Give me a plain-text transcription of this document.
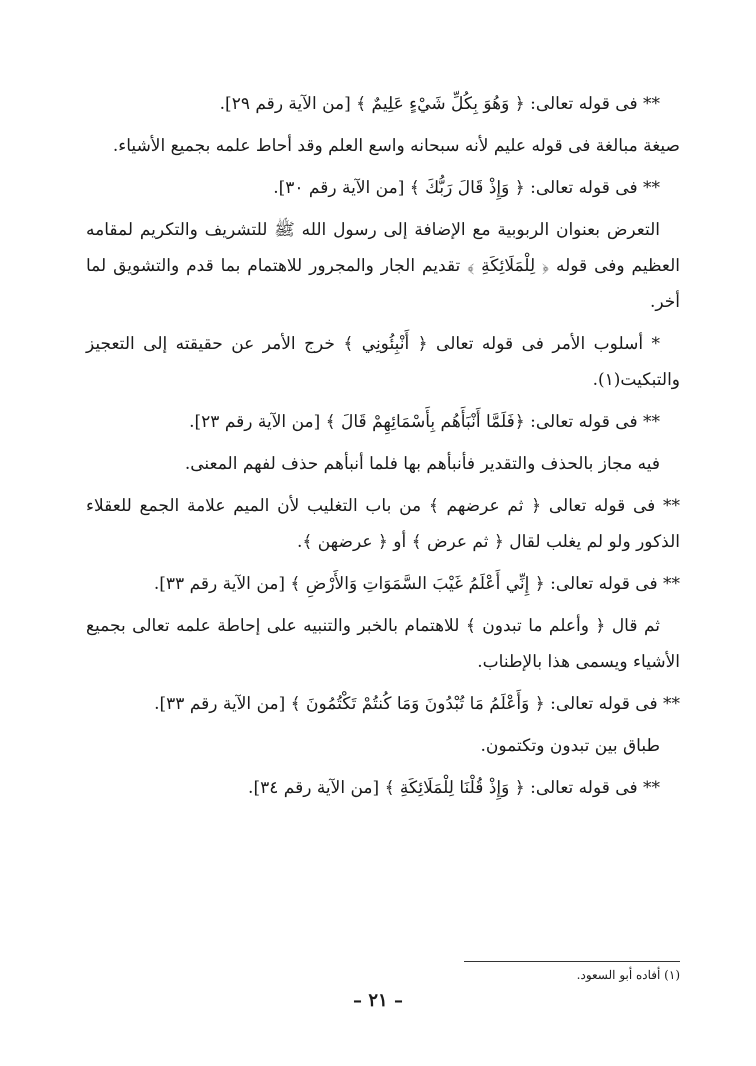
** فى قوله تعالى: ﴿ وَهُوَ بِكُلِّ شَيْءٍ عَلِيمٌ ﴾ [من الآية رقم ٢٩].

صيغة مبالغة فى قوله عليم لأنه سبحانه واسع العلم وقد أحاط علمه بجميع الأشياء.

** فى قوله تعالى: ﴿ وَإِذْ قَالَ رَبُّكَ ﴾ [من الآية رقم ٣٠].

التعرض بعنوان الربوبية مع الإضافة إلى رسول الله ﷺ للتشريف والتكريم لمقامه العظيم وفى قوله ﴿ لِلْمَلَائِكَةِ ﴾ تقديم الجار والمجرور للاهتمام بما قدم والتشويق لما أخر.

* أسلوب الأمر فى قوله تعالى ﴿ أَنْبِئُونِي ﴾ خرج الأمر عن حقيقته إلى التعجيز والتبكيت(١).

** فى قوله تعالى: ﴿فَلَمَّا أَنْبَأَهُم بِأَسْمَائِهِمْ قَالَ ﴾ [من الآية رقم ٢٣].

فيه مجاز بالحذف والتقدير فأنبأهم بها فلما أنبأهم حذف لفهم المعنى.

** فى قوله تعالى ﴿ ثم عرضهم ﴾ من باب التغليب لأن الميم علامة الجمع للعقلاء الذكور ولو لم يغلب لقال ﴿ ثم عرض ﴾ أو ﴿ عرضهن ﴾.

** فى قوله تعالى: ﴿ إِنِّي أَعْلَمُ غَيْبَ السَّمَوَاتِ وَالأَرْضِ ﴾ [من الآية رقم ٣٣].

ثم قال ﴿ وأعلم ما تبدون ﴾ للاهتمام بالخبر والتنبيه على إحاطة علمه تعالى بجميع الأشياء ويسمى هذا بالإطناب.

** فى قوله تعالى: ﴿ وَأَعْلَمُ مَا تُبْدُونَ وَمَا كُنتُمْ تَكْتُمُونَ ﴾ [من الآية رقم ٣٣].

طباق بين تبدون وتكتمون.

** فى قوله تعالى: ﴿ وَإِذْ قُلْنَا لِلْمَلَائِكَةِ ﴾ [من الآية رقم ٣٤].

(١) أفاده أبو السعود.
– ٢١ –
